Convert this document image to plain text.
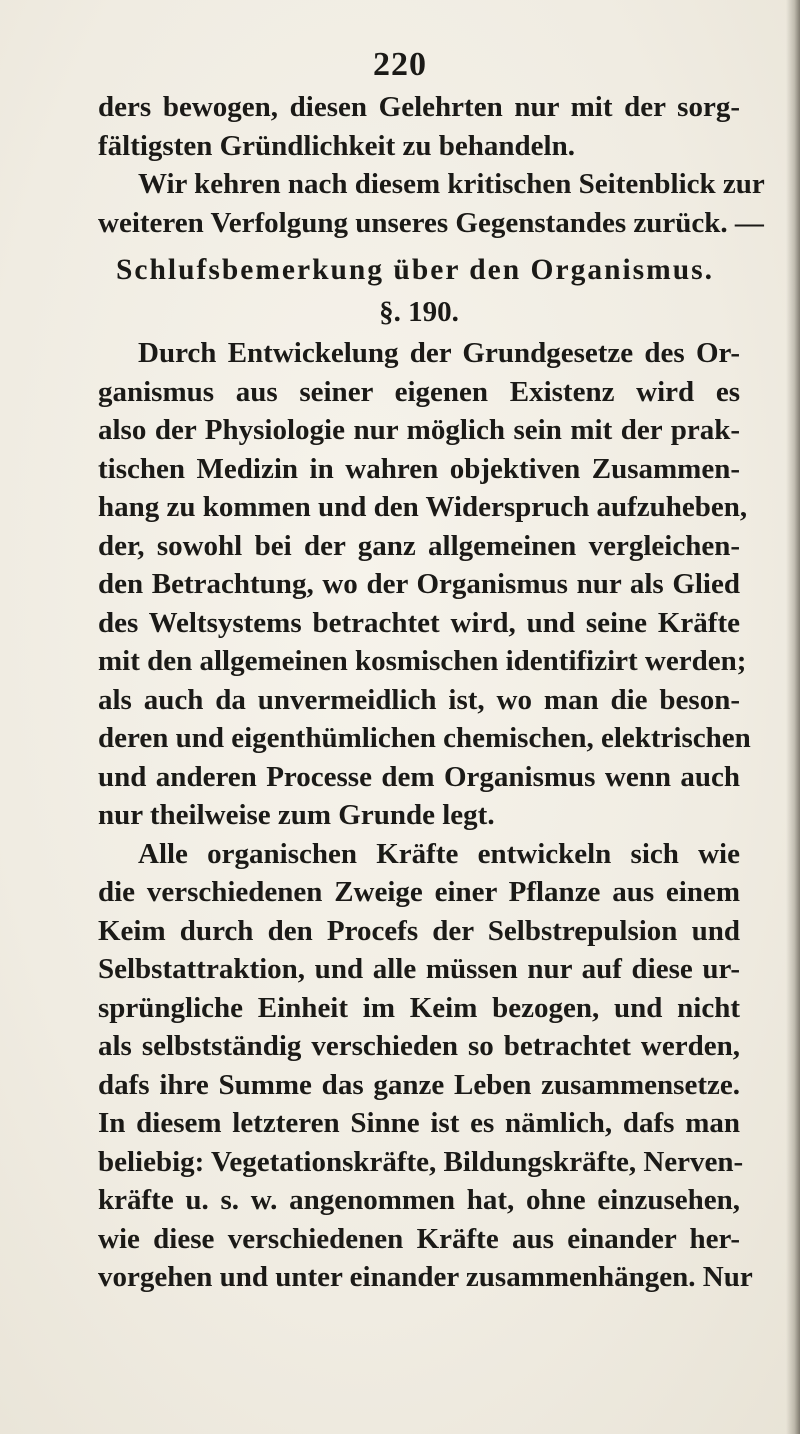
220
ders bewogen, diesen Gelehrten nur mit der sorg-
fältigsten Gründlichkeit zu behandeln.
Wir kehren nach diesem kritischen Seitenblick zur
weiteren Verfolgung unseres Gegenstandes zurück. —
Schlufsbemerkung über den Organismus.
§. 190.
Durch Entwickelung der Grundgesetze des Or-
ganismus aus seiner eigenen Existenz wird es
also der Physiologie nur möglich sein mit der prak-
tischen Medizin in wahren objektiven Zusammen-
hang zu kommen und den Widerspruch aufzuheben,
der, sowohl bei der ganz allgemeinen vergleichen-
den Betrachtung, wo der Organismus nur als Glied
des Weltsystems betrachtet wird, und seine Kräfte
mit den allgemeinen kosmischen identifizirt werden;
als auch da unvermeidlich ist, wo man die beson-
deren und eigenthümlichen chemischen, elektrischen
und anderen Processe dem Organismus wenn auch
nur theilweise zum Grunde legt.
Alle organischen Kräfte entwickeln sich wie
die verschiedenen Zweige einer Pflanze aus einem
Keim durch den Procefs der Selbstrepulsion und
Selbstattraktion, und alle müssen nur auf diese ur-
sprüngliche Einheit im Keim bezogen, und nicht
als selbstständig verschieden so betrachtet werden,
dafs ihre Summe das ganze Leben zusammensetze.
In diesem letzteren Sinne ist es nämlich, dafs man
beliebig: Vegetationskräfte, Bildungskräfte, Nerven-
kräfte u. s. w. angenommen hat, ohne einzusehen,
wie diese verschiedenen Kräfte aus einander her-
vorgehen und unter einander zusammenhängen. Nur
